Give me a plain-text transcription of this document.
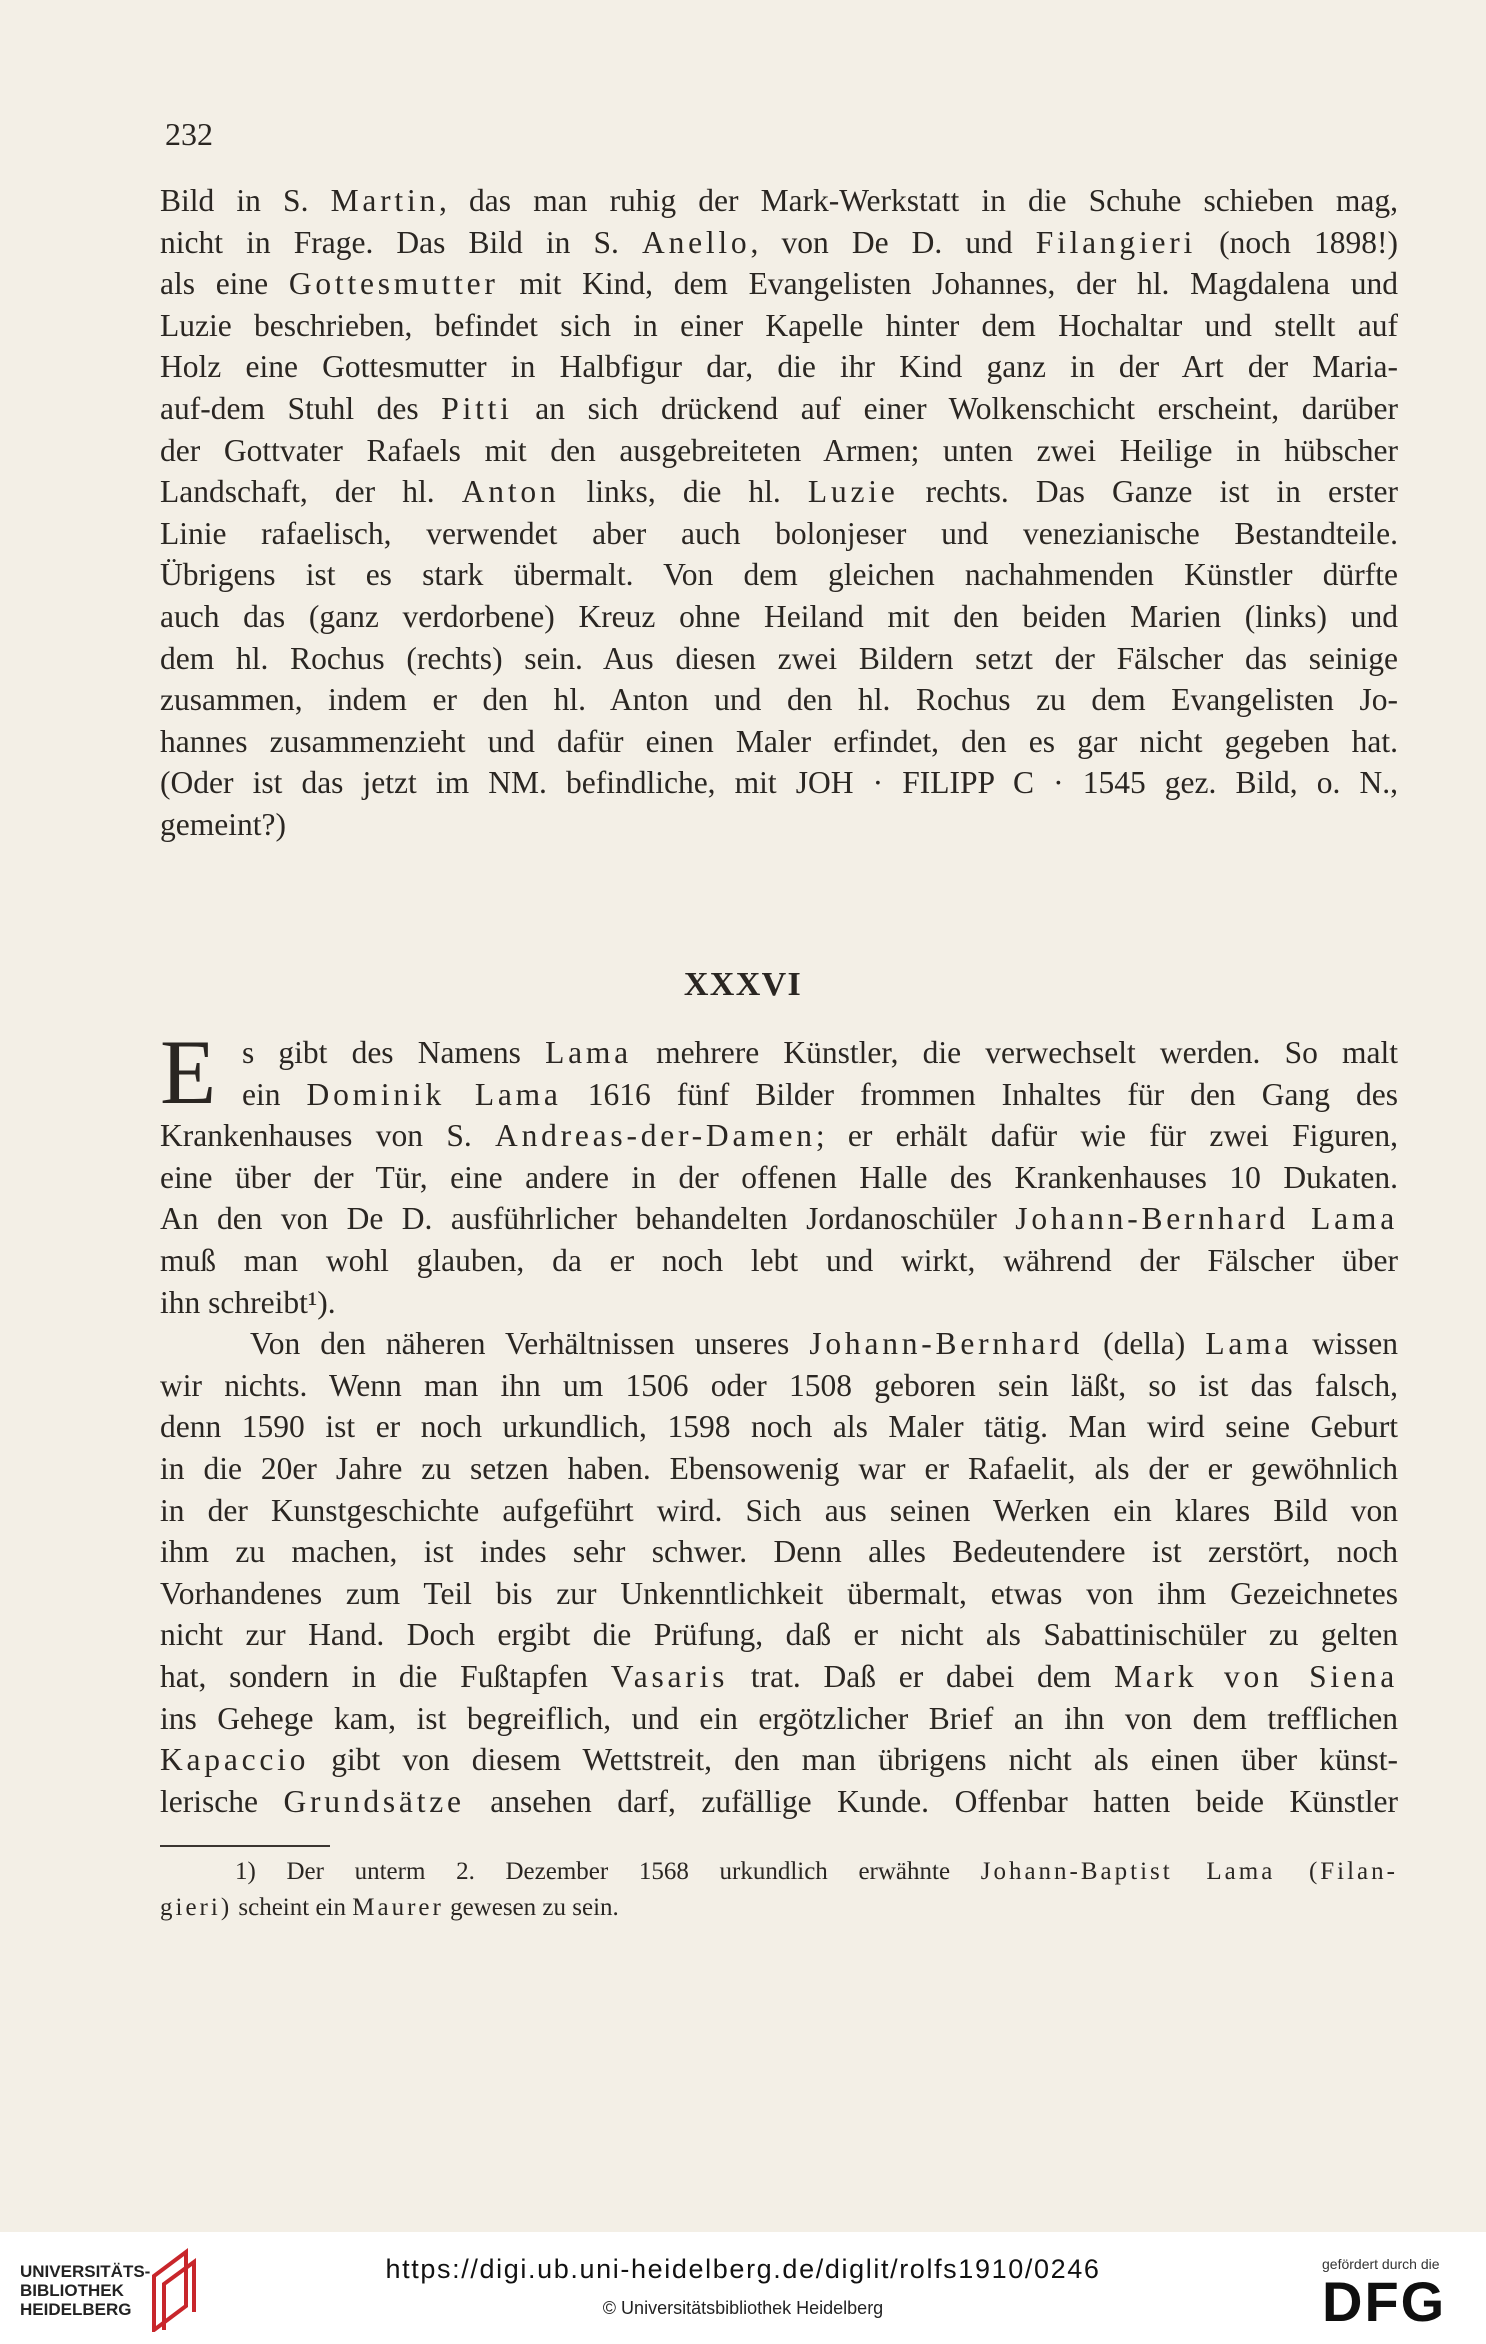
232
Bild in S. Martin, das man ruhig der Mark-Werkstatt in die Schuhe schieben mag,
nicht in Frage. Das Bild in S. Anello, von De D. und Filangieri (noch 1898!)
als eine Gottesmutter mit Kind, dem Evangelisten Johannes, der hl. Magdalena und
Luzie beschrieben, befindet sich in einer Kapelle hinter dem Hochaltar und stellt auf
Holz eine Gottesmutter in Halbfigur dar, die ihr Kind ganz in der Art der Maria-
auf-dem Stuhl des Pitti an sich drückend auf einer Wolkenschicht erscheint, darüber
der Gottvater Rafaels mit den ausgebreiteten Armen; unten zwei Heilige in hübscher
Landschaft, der hl. Anton links, die hl. Luzie rechts. Das Ganze ist in erster
Linie rafaelisch, verwendet aber auch bolonjeser und venezianische Bestandteile.
Übrigens ist es stark übermalt. Von dem gleichen nachahmenden Künstler dürfte
auch das (ganz verdorbene) Kreuz ohne Heiland mit den beiden Marien (links) und
dem hl. Rochus (rechts) sein. Aus diesen zwei Bildern setzt der Fälscher das seinige
zusammen, indem er den hl. Anton und den hl. Rochus zu dem Evangelisten Jo-
hannes zusammenzieht und dafür einen Maler erfindet, den es gar nicht gegeben hat.
(Oder ist das jetzt im NM. befindliche, mit JOH · FILIPP C · 1545 gez. Bild, o. N.,
gemeint?)
XXXVI
E s gibt des Namens Lama mehrere Künstler, die verwechselt werden. So malt
ein Dominik Lama 1616 fünf Bilder frommen Inhaltes für den Gang des
Krankenhauses von S. Andreas-der-Damen; er erhält dafür wie für zwei Figuren,
eine über der Tür, eine andere in der offenen Halle des Krankenhauses 10 Dukaten.
An den von De D. ausführlicher behandelten Jordanoschüler Johann-Bernhard Lama
muß man wohl glauben, da er noch lebt und wirkt, während der Fälscher über
ihn schreibt¹).
Von den näheren Verhältnissen unseres Johann-Bernhard (della) Lama wissen
wir nichts. Wenn man ihn um 1506 oder 1508 geboren sein läßt, so ist das falsch,
denn 1590 ist er noch urkundlich, 1598 noch als Maler tätig. Man wird seine Geburt
in die 20er Jahre zu setzen haben. Ebensowenig war er Rafaelit, als der er gewöhnlich
in der Kunstgeschichte aufgeführt wird. Sich aus seinen Werken ein klares Bild von
ihm zu machen, ist indes sehr schwer. Denn alles Bedeutendere ist zerstört, noch
Vorhandenes zum Teil bis zur Unkenntlichkeit übermalt, etwas von ihm Gezeichnetes
nicht zur Hand. Doch ergibt die Prüfung, daß er nicht als Sabattinischüler zu gelten
hat, sondern in die Fußtapfen Vasaris trat. Daß er dabei dem Mark von Siena
ins Gehege kam, ist begreiflich, und ein ergötzlicher Brief an ihn von dem trefflichen
Kapaccio gibt von diesem Wettstreit, den man übrigens nicht als einen über künst-
lerische Grundsätze ansehen darf, zufällige Kunde. Offenbar hatten beide Künstler
1) Der unterm 2. Dezember 1568 urkundlich erwähnte Johann-Baptist Lama (Filan-
gieri) scheint ein Maurer gewesen zu sein.
UNIVERSITÄTS-
BIBLIOTHEK
HEIDELBERG
https://digi.ub.uni-heidelberg.de/diglit/rolfs1910/0246
© Universitätsbibliothek Heidelberg
gefördert durch die
DFG
